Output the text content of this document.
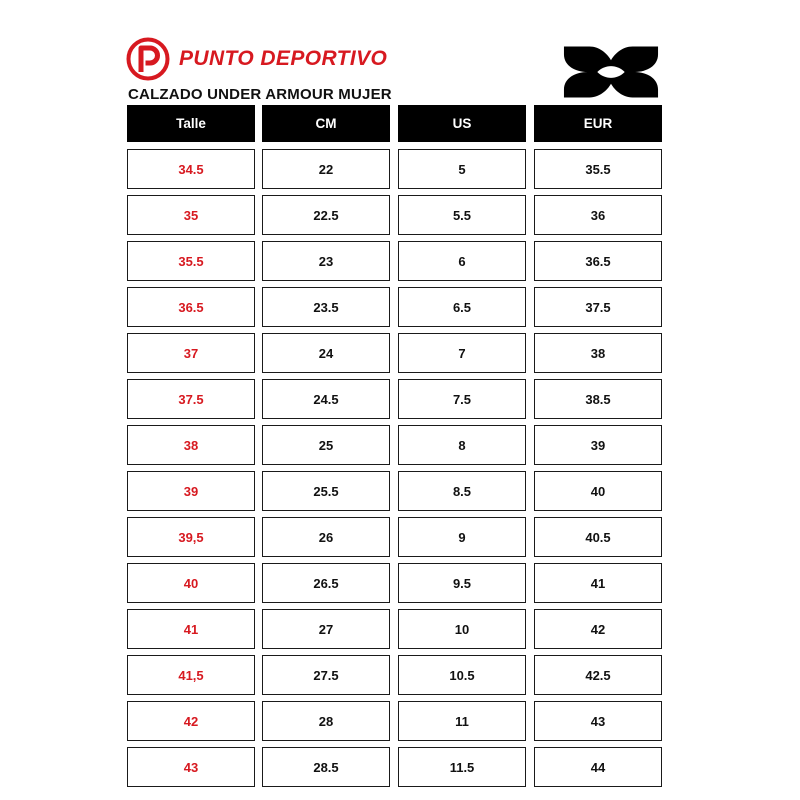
PUNTO DEPORTIVO
CALZADO UNDER ARMOUR MUJER
Talle	CM	US	EUR
34.5	22	5	35.5
35	22.5	5.5	36
35.5	23	6	36.5
36.5	23.5	6.5	37.5
37	24	7	38
37.5	24.5	7.5	38.5
38	25	8	39
39	25.5	8.5	40
39,5	26	9	40.5
40	26.5	9.5	41
41	27	10	42
41,5	27.5	10.5	42.5
42	28	11	43
43	28.5	11.5	44
